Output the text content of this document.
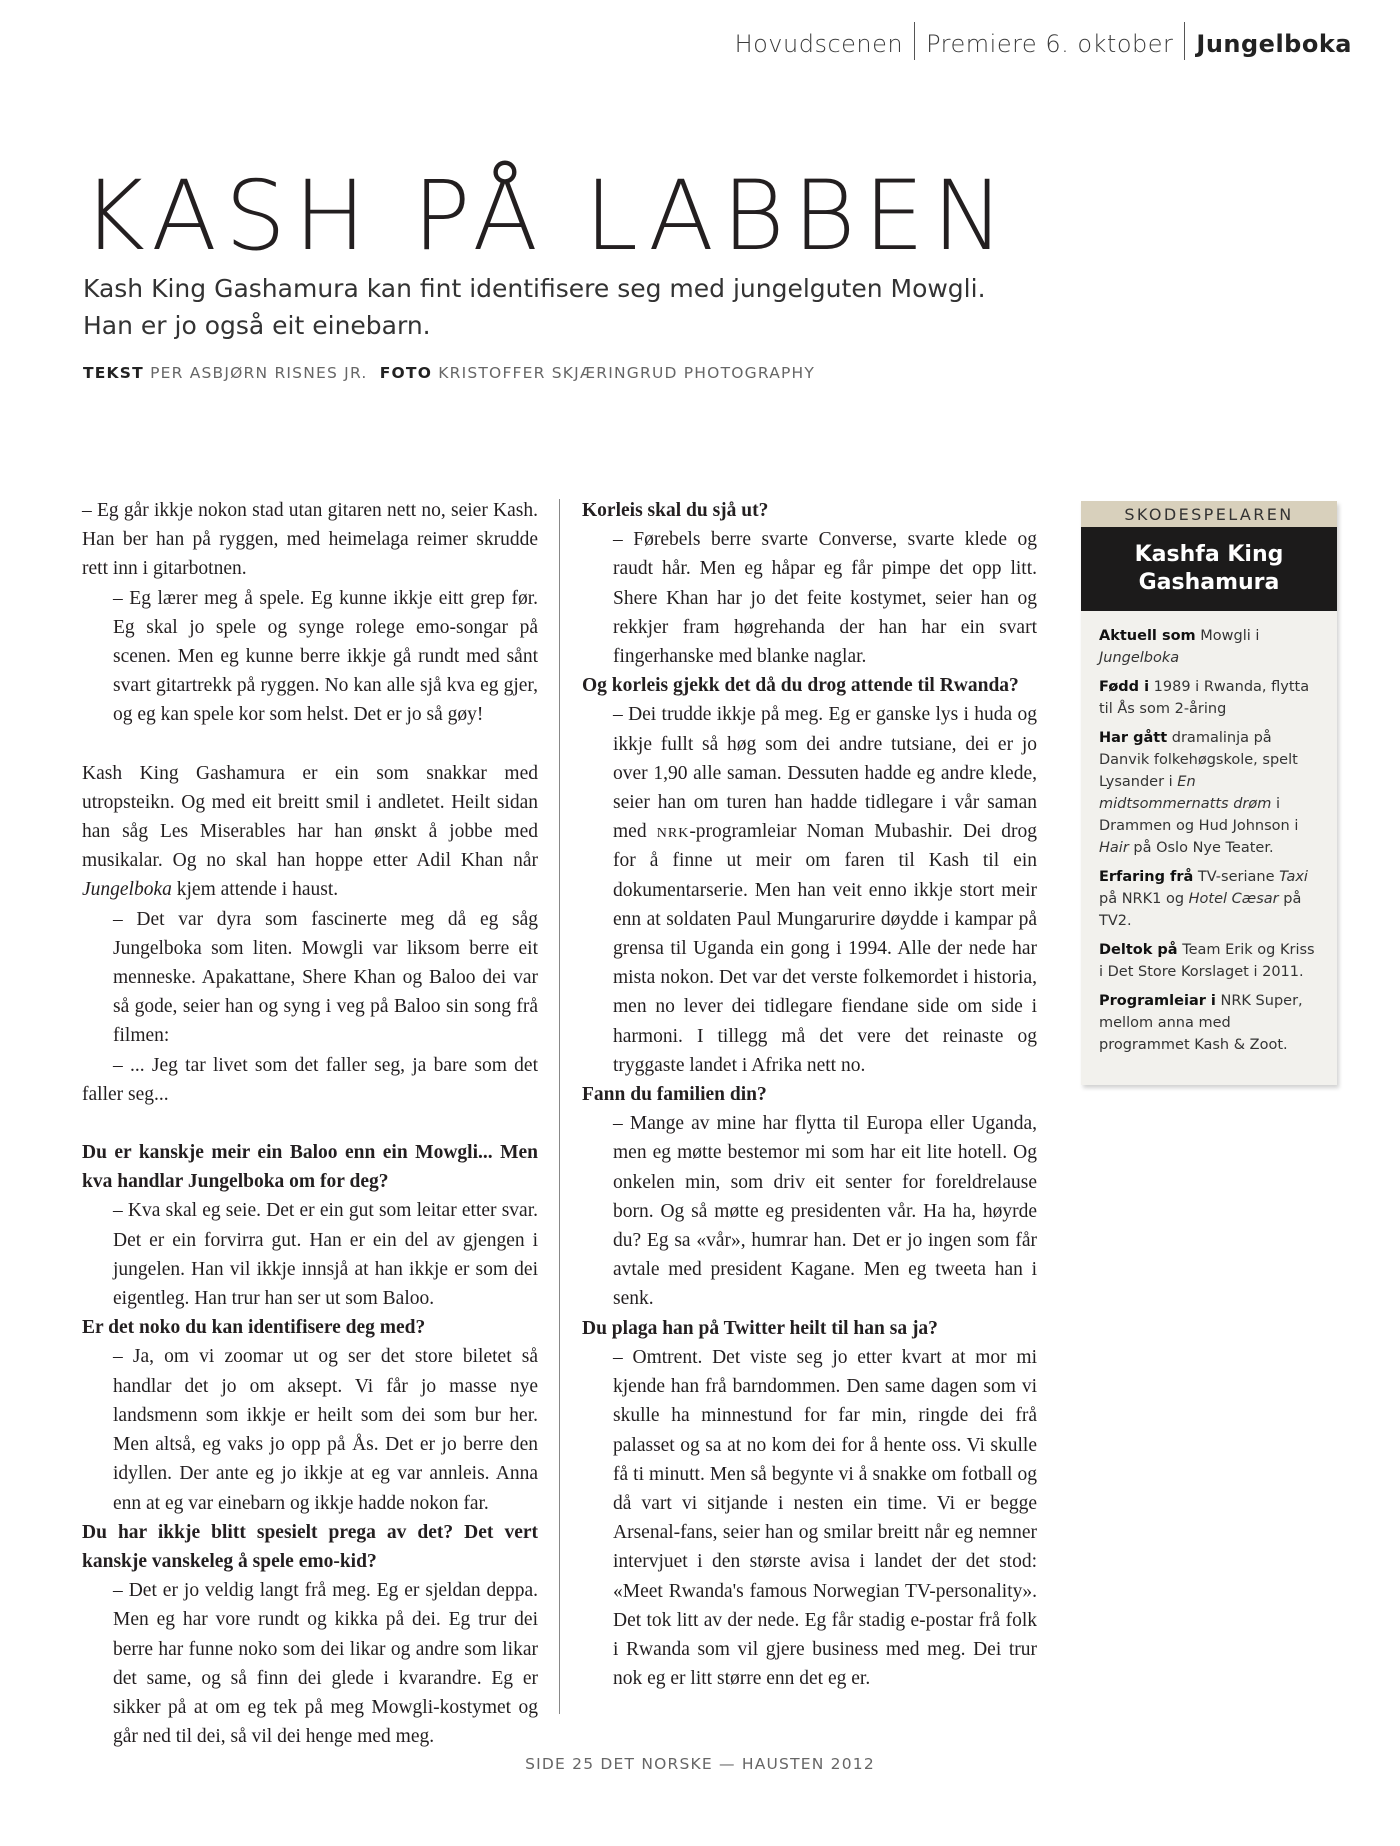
Hovudscenen Premiere 6. oktober Jungelboka
KASH PÅ LABBEN

Kash King Gashamura kan fint identifisere seg med jungelguten Mowgli.
Han er jo også eit einebarn.

TEKST PER ASBJØRN RISNES JR. FOTO KRISTOFFER SKJÆRINGRUD PHOTOGRAPHY

– Eg går ikkje nokon stad utan gitaren nett no, seier Kash. Han ber han på ryggen, med heimelaga reimer skrudde rett inn i gitarbotnen.

– Eg lærer meg å spele. Eg kunne ikkje eitt grep før. Eg skal jo spele og synge rolege emo-songar på scenen. Men eg kunne berre ikkje gå rundt med sånt svart gitartrekk på ryggen. No kan alle sjå kva eg gjer, og eg kan spele kor som helst. Det er jo så gøy!

Kash King Gashamura er ein som snakkar med utropsteikn. Og med eit breitt smil i andletet. Heilt sidan han såg Les Miserables har han ønskt å jobbe med musikalar. Og no skal han hoppe etter Adil Khan når Jungelboka kjem attende i haust.

– Det var dyra som fascinerte meg då eg såg Jungelboka som liten. Mowgli var liksom berre eit menneske. Apakattane, Shere Khan og Baloo dei var så gode, seier han og syng i veg på Baloo sin song frå filmen:

– ... Jeg tar livet som det faller seg, ja bare som det faller seg...

Du er kanskje meir ein Baloo enn ein Mowgli... Men kva handlar Jungelboka om for deg?

– Kva skal eg seie. Det er ein gut som leitar etter svar. Det er ein forvirra gut. Han er ein del av gjengen i jungelen. Han vil ikkje innsjå at han ikkje er som dei eigentleg. Han trur han ser ut som Baloo.

Er det noko du kan identifisere deg med?

– Ja, om vi zoomar ut og ser det store biletet så handlar det jo om aksept. Vi får jo masse nye landsmenn som ikkje er heilt som dei som bur her. Men altså, eg vaks jo opp på Ås. Det er jo berre den idyllen. Der ante eg jo ikkje at eg var annleis. Anna enn at eg var einebarn og ikkje hadde nokon far.

Du har ikkje blitt spesielt prega av det? Det vert kanskje vanskeleg å spele emo-kid?

– Det er jo veldig langt frå meg. Eg er sjeldan deppa. Men eg har vore rundt og kikka på dei. Eg trur dei berre har funne noko som dei likar og andre som likar det same, og så finn dei glede i kvarandre. Eg er sikker på at om eg tek på meg Mowgli-kostymet og går ned til dei, så vil dei henge med meg.

Korleis skal du sjå ut?

– Førebels berre svarte Converse, svarte klede og raudt hår. Men eg håpar eg får pimpe det opp litt. Shere Khan har jo det feite kostymet, seier han og rekkjer fram høgrehanda der han har ein svart fingerhanske med blanke naglar.

Og korleis gjekk det då du drog attende til Rwanda?

– Dei trudde ikkje på meg. Eg er ganske lys i huda og ikkje fullt så høg som dei andre tutsiane, dei er jo over 1,90 alle saman. Dessuten hadde eg andre klede, seier han om turen han hadde tidlegare i vår saman med nrk-programleiar Noman Mubashir. Dei drog for å finne ut meir om faren til Kash til ein dokumentarserie. Men han veit enno ikkje stort meir enn at soldaten Paul Mungarurire døydde i kampar på grensa til Uganda ein gong i 1994. Alle der nede har mista nokon. Det var det verste folkemordet i historia, men no lever dei tidlegare fiendane side om side i harmoni. I tillegg må det vere det reinaste og tryggaste landet i Afrika nett no.

Fann du familien din?

– Mange av mine har flytta til Europa eller Uganda, men eg møtte bestemor mi som har eit lite hotell. Og onkelen min, som driv eit senter for foreldrelause born. Og så møtte eg presidenten vår. Ha ha, høyrde du? Eg sa «vår», humrar han. Det er jo ingen som får avtale med president Kagane. Men eg tweeta han i senk.

Du plaga han på Twitter heilt til han sa ja?

– Omtrent. Det viste seg jo etter kvart at mor mi kjende han frå barndommen. Den same dagen som vi skulle ha minnestund for far min, ringde dei frå palasset og sa at no kom dei for å hente oss. Vi skulle få ti minutt. Men så begynte vi å snakke om fotball og då vart vi sitjande i nesten ein time. Vi er begge Arsenal-fans, seier han og smilar breitt når eg nemner intervjuet i den største avisa i landet der det stod: «Meet Rwanda's famous Norwegian TV-personality». Det tok litt av der nede. Eg får stadig e-postar frå folk i Rwanda som vil gjere business med meg. Dei trur nok eg er litt større enn det eg er.

SKODESPELAREN
Kashfa King
Gashamura
Aktuell som Mowgli i Jungelboka
Fødd i 1989 i Rwanda, flytta til Ås som 2-åring
Har gått dramalinja på Danvik folkehøgskole, spelt Lysander i En midtsommernatts drøm i Drammen og Hud Johnson i Hair på Oslo Nye Teater.
Erfaring frå TV-seriane Taxi på NRK1 og Hotel Cæsar på TV2.
Deltok på Team Erik og Kriss i Det Store Korslaget i 2011.
Programleiar i NRK Super, mellom anna med programmet Kash & Zoot.
SIDE 25 DET NORSKE — HAUSTEN 2012
